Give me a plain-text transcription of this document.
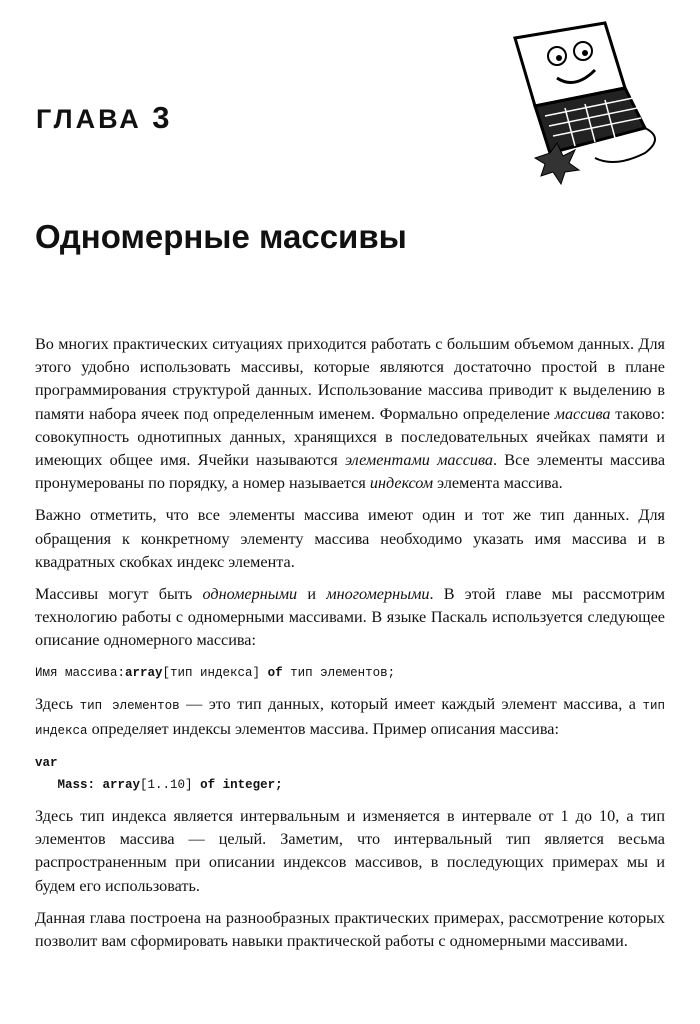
ГЛАВА 3
Одномерные массивы

Во многих практических ситуациях приходится работать с большим объемом данных. Для этого удобно использовать массивы, которые являются достаточно простой в плане программирования структурой данных. Использование массива приводит к выделению в памяти набора ячеек под определенным именем. Формально определение массива таково: совокупность однотипных данных, хранящихся в последовательных ячейках памяти и имеющих общее имя. Ячейки называются элементами массива. Все элементы массива пронумерованы по порядку, а номер называется индексом элемента массива.

Важно отметить, что все элементы массива имеют один и тот же тип данных. Для обращения к конкретному элементу массива необходимо указать имя массива и в квадратных скобках индекс элемента.

Массивы могут быть одномерными и многомерными. В этой главе мы рассмотрим технологию работы с одномерными массивами. В языке Паскаль используется следующее описание одномерного массива:

Имя массива:array[тип индекса] of тип элементов;

Здесь тип элементов — это тип данных, который имеет каждый элемент массива, а тип индекса определяет индексы элементов массива. Пример описания массива:

var
Mass: array[1..10] of integer;

Здесь тип индекса является интервальным и изменяется в интервале от 1 до 10, а тип элементов массива — целый. Заметим, что интервальный тип является весьма распространенным при описании индексов массивов, в последующих примерах мы и будем его использовать.

Данная глава построена на разнообразных практических примерах, рассмотрение которых позволит вам сформировать навыки практической работы с одномерными массивами.
